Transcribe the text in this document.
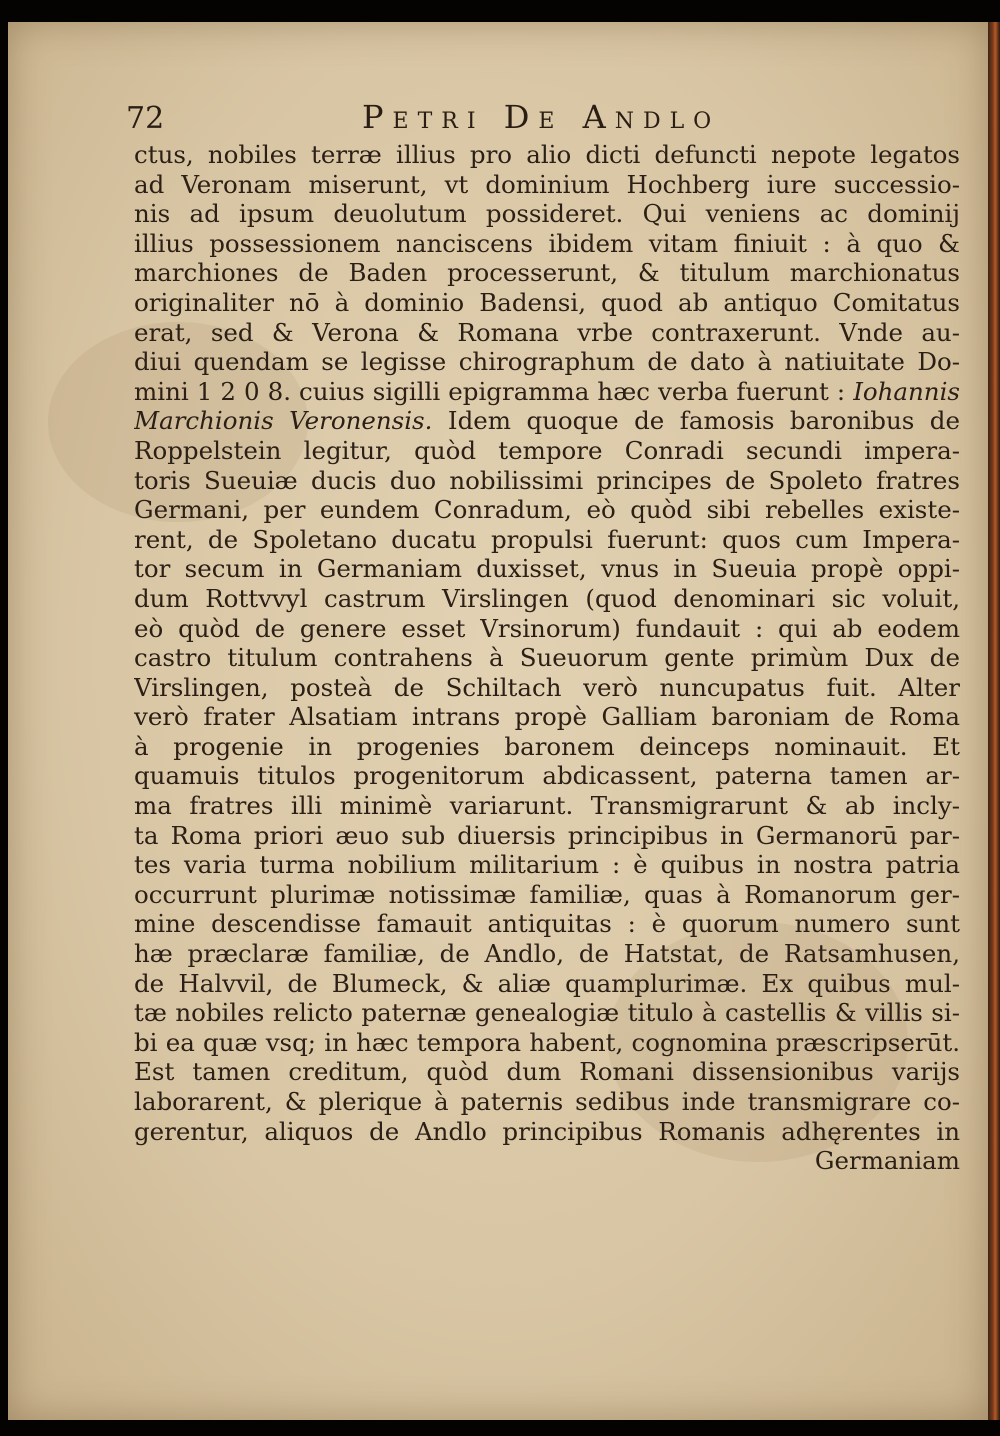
72	Petri De Andlo
ctus, nobiles terræ illius pro alio dicti defuncti nepote legatos
ad Veronam miserunt, vt dominium Hochberg iure successio-
nis ad ipsum deuolutum possideret. Qui veniens ac dominij
illius possessionem nanciscens ibidem vitam finiuit : à quo &
marchiones de Baden processerunt, & titulum marchionatus
originaliter nō à dominio Badensi, quod ab antiquo Comitatus
erat, sed & Verona & Romana vrbe contraxerunt. Vnde au-
diui quendam se legisse chirographum de dato à natiuitate Do-
mini 1 2 0 8. cuius sigilli epigramma hæc verba fuerunt : Iohannis
Marchionis Veronensis. Idem quoque de famosis baronibus de
Roppelstein legitur, quòd tempore Conradi secundi impera-
toris Sueuiæ ducis duo nobilissimi principes de Spoleto fratres
Germani, per eundem Conradum, eò quòd sibi rebelles existe-
rent, de Spoletano ducatu propulsi fuerunt: quos cum Impera-
tor secum in Germaniam duxisset, vnus in Sueuia propè oppi-
dum Rottvvyl castrum Virslingen (quod denominari sic voluit,
eò quòd de genere esset Vrsinorum) fundauit : qui ab eodem
castro titulum contrahens à Sueuorum gente primùm Dux de
Virslingen, posteà de Schiltach verò nuncupatus fuit. Alter
verò frater Alsatiam intrans propè Galliam baroniam de Roma
à progenie in progenies baronem deinceps nominauit. Et
quamuis titulos progenitorum abdicassent, paterna tamen ar-
ma fratres illi minimè variarunt. Transmigrarunt & ab incly-
ta Roma priori æuo sub diuersis principibus in Germanorū par-
tes varia turma nobilium militarium : è quibus in nostra patria
occurrunt plurimæ notissimæ familiæ, quas à Romanorum ger-
mine descendisse famauit antiquitas : è quorum numero sunt
hæ præclaræ familiæ, de Andlo, de Hatstat, de Ratsamhusen,
de Halvvil, de Blumeck, & aliæ quamplurimæ. Ex quibus mul-
tæ nobiles relicto paternæ genealogiæ titulo à castellis & villis si-
bi ea quæ vsq; in hæc tempora habent, cognomina præscripserūt.
Est tamen creditum, quòd dum Romani dissensionibus varijs
laborarent, & plerique à paternis sedibus inde transmigrare co-
gerentur, aliquos de Andlo principibus Romanis adhęrentes in
Germaniam
